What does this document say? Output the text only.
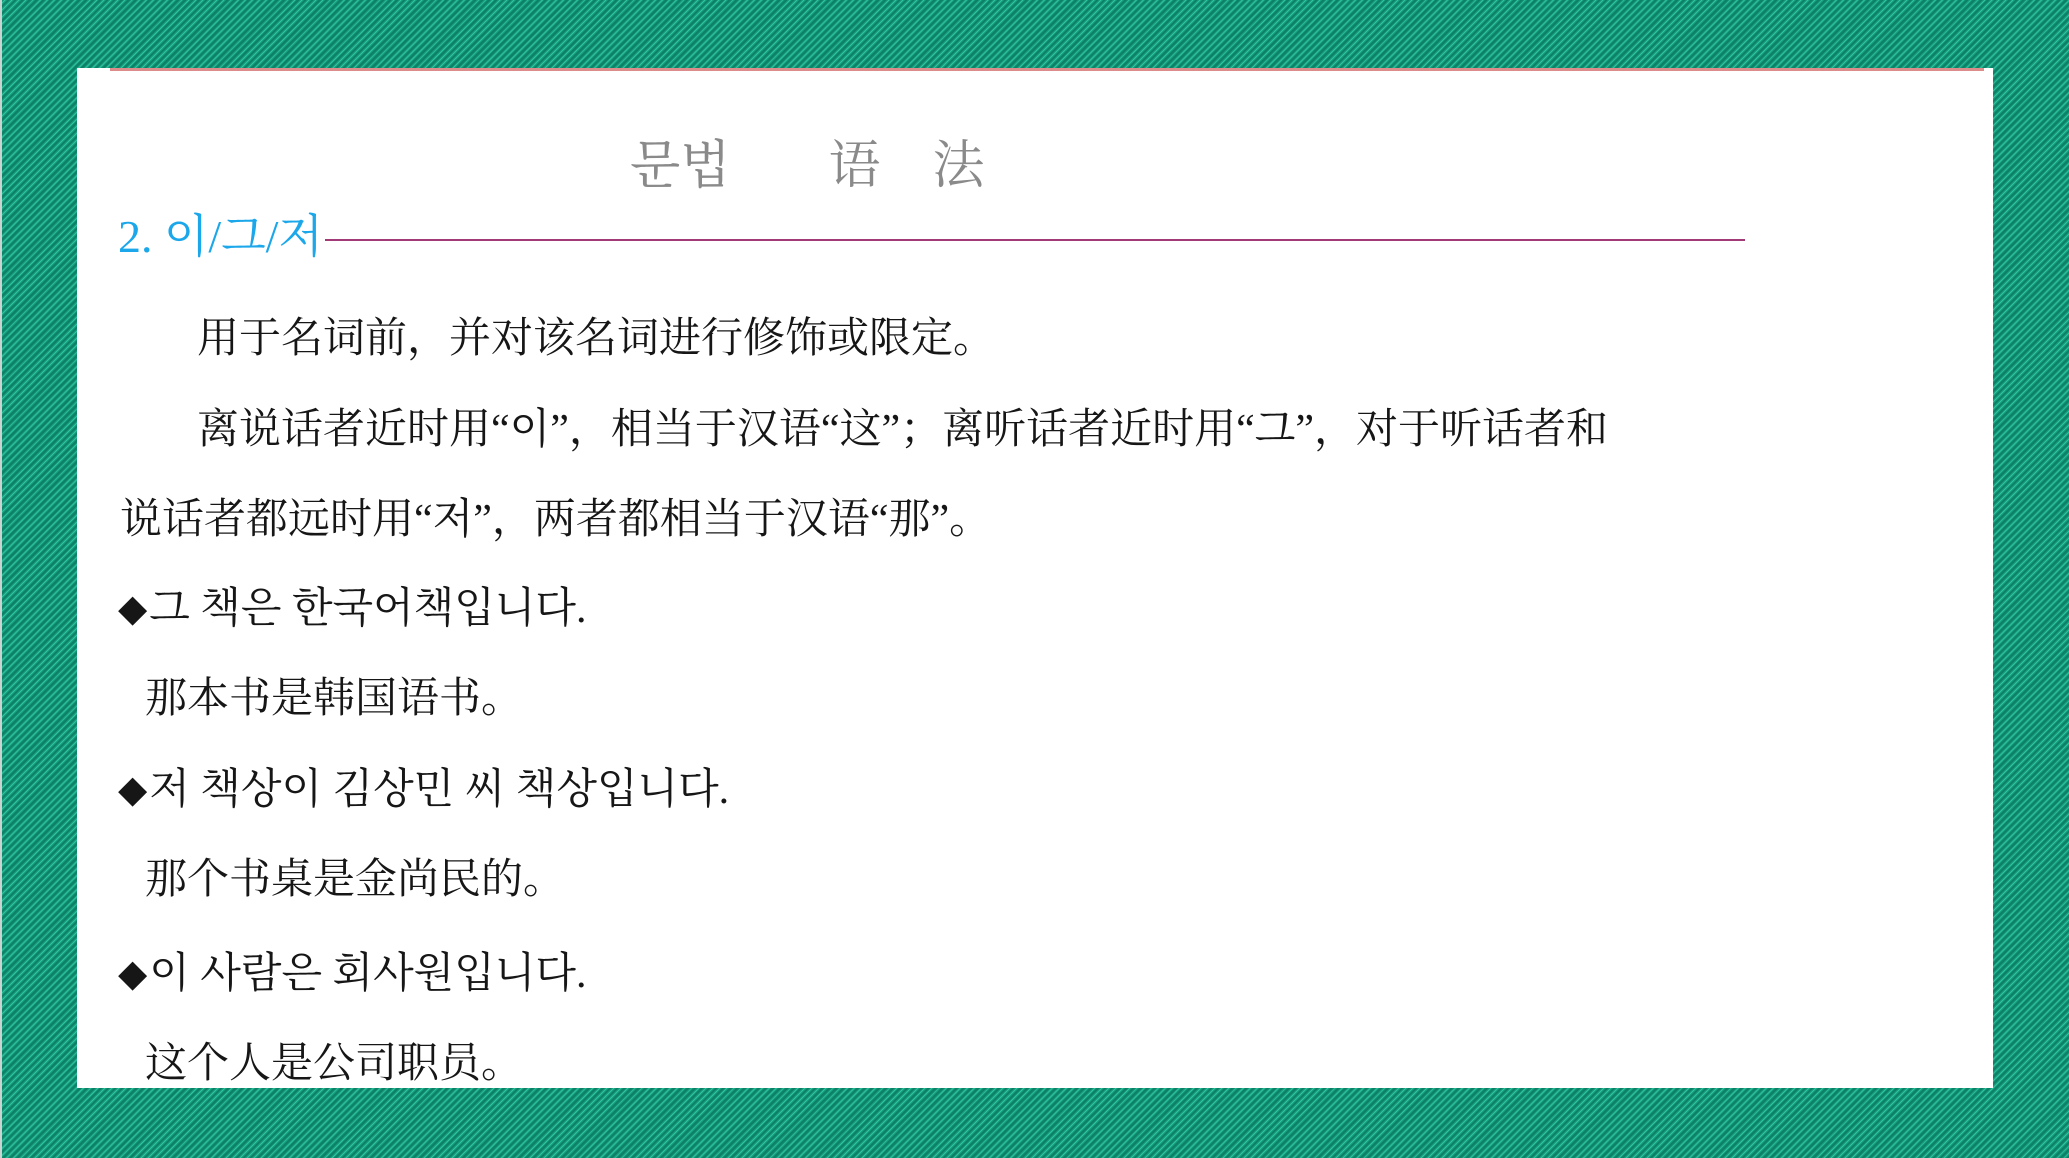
문법 语　法
2. 이/그/저

用于名词前，并对该名词进行修饰或限定。

离说话者近时用“이”，相当于汉语“这”；离听话者近时用“그”，对于听话者和

说话者都远时用“저”，两者都相当于汉语“那”。

◆그 책은 한국어책입니다.

那本书是韩国语书。

◆저 책상이 김상민 씨 책상입니다.

那个书桌是金尚民的。

◆이 사람은 회사원입니다.

这个人是公司职员。
